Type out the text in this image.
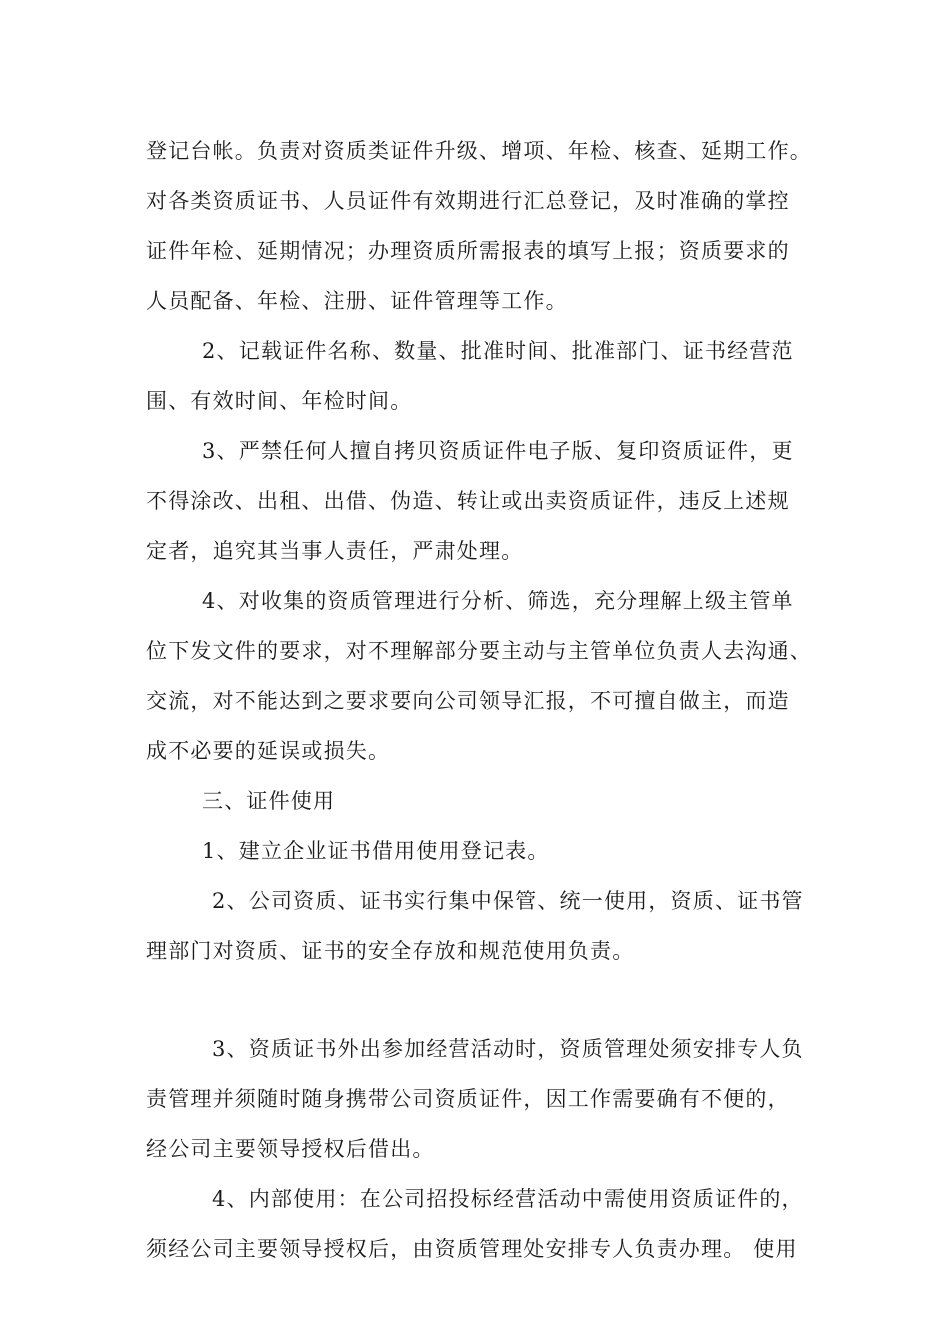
登记台帐。负责对资质类证件升级、增项、年检、核查、延期工作。

对各类资质证书、人员证件有效期进行汇总登记，及时准确的掌控

证件年检、延期情况；办理资质所需报表的填写上报；资质要求的

人员配备、年检、注册、证件管理等工作。

2、记载证件名称、数量、批准时间、批准部门、证书经营范

围、有效时间、年检时间。

3、严禁任何人擅自拷贝资质证件电子版、复印资质证件，更

不得涂改、出租、出借、伪造、转让或出卖资质证件，违反上述规

定者，追究其当事人责任，严肃处理。

4、对收集的资质管理进行分析、筛选，充分理解上级主管单

位下发文件的要求，对不理解部分要主动与主管单位负责人去沟通、

交流，对不能达到之要求要向公司领导汇报，不可擅自做主，而造

成不必要的延误或损失。

三、证件使用

1、建立企业证书借用使用登记表。

2、公司资质、证书实行集中保管、统一使用，资质、证书管

理部门对资质、证书的安全存放和规范使用负责。

3、资质证书外出参加经营活动时，资质管理处须安排专人负

责管理并须随时随身携带公司资质证件，因工作需要确有不便的，

经公司主要领导授权后借出。

4、内部使用：在公司招投标经营活动中需使用资质证件的，

须经公司主要领导授权后，由资质管理处安排专人负责办理。 使用
